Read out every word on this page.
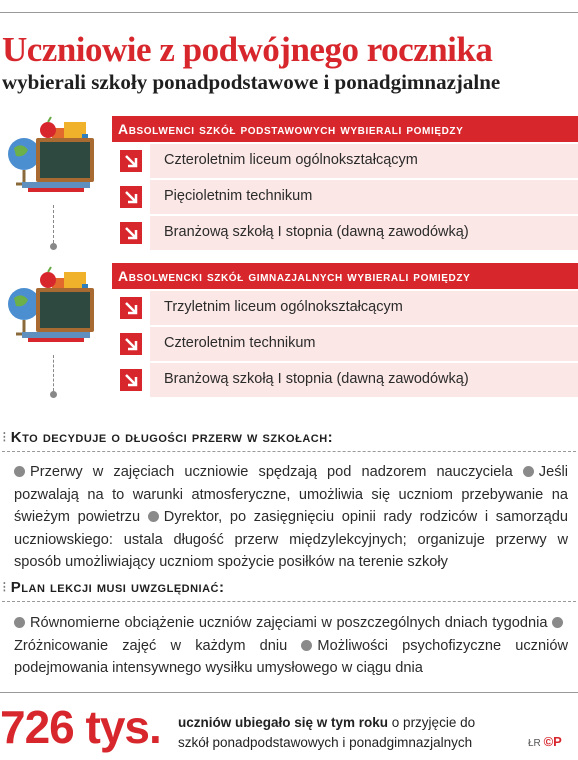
Uczniowie z podwójnego rocznika
wybierali szkoły ponadpodstawowe i ponadgimnazjalne
Absolwenci szkół podstawowych wybierali pomiędzy
Czteroletnim liceum ogólnokształcącym
Pięcioletnim technikum
Branżową szkołą I stopnia (dawną zawodówką)
Absolwencki szkół gimnazjalnych wybierali pomiędzy
Trzyletnim liceum ogólnokształcącym
Czteroletnim technikum
Branżową szkołą I stopnia (dawną zawodówką)
⁝ Kto decyduje o długości przerw w szkołach:
Przerwy w zajęciach uczniowie spędzają pod nadzorem nauczyciela Jeśli pozwalają na to warunki atmosferyczne, umożliwia się uczniom przebywanie na świeżym powietrzu Dyrektor, po zasięgnięciu opinii rady rodziców i samorządu uczniowskiego: ustala długość przerw międzylekcyjnych; organizuje przerwy w sposób umożliwiający uczniom spożycie posiłków na terenie szkoły
⁝ Plan lekcji musi uwzględniać:
Równomierne obciążenie uczniów zajęciami w poszczególnych dniach tygodnia Zróżnicowanie zajęć w każdym dniu Możliwości psychofizyczne uczniów podejmowania intensywnego wysiłku umysłowego w ciągu dnia
726 tys. uczniów ubiegało się w tym roku o przyjęcie do
szkół ponadpodstawowych i ponadgimnazjalnych	ŁR ©P
